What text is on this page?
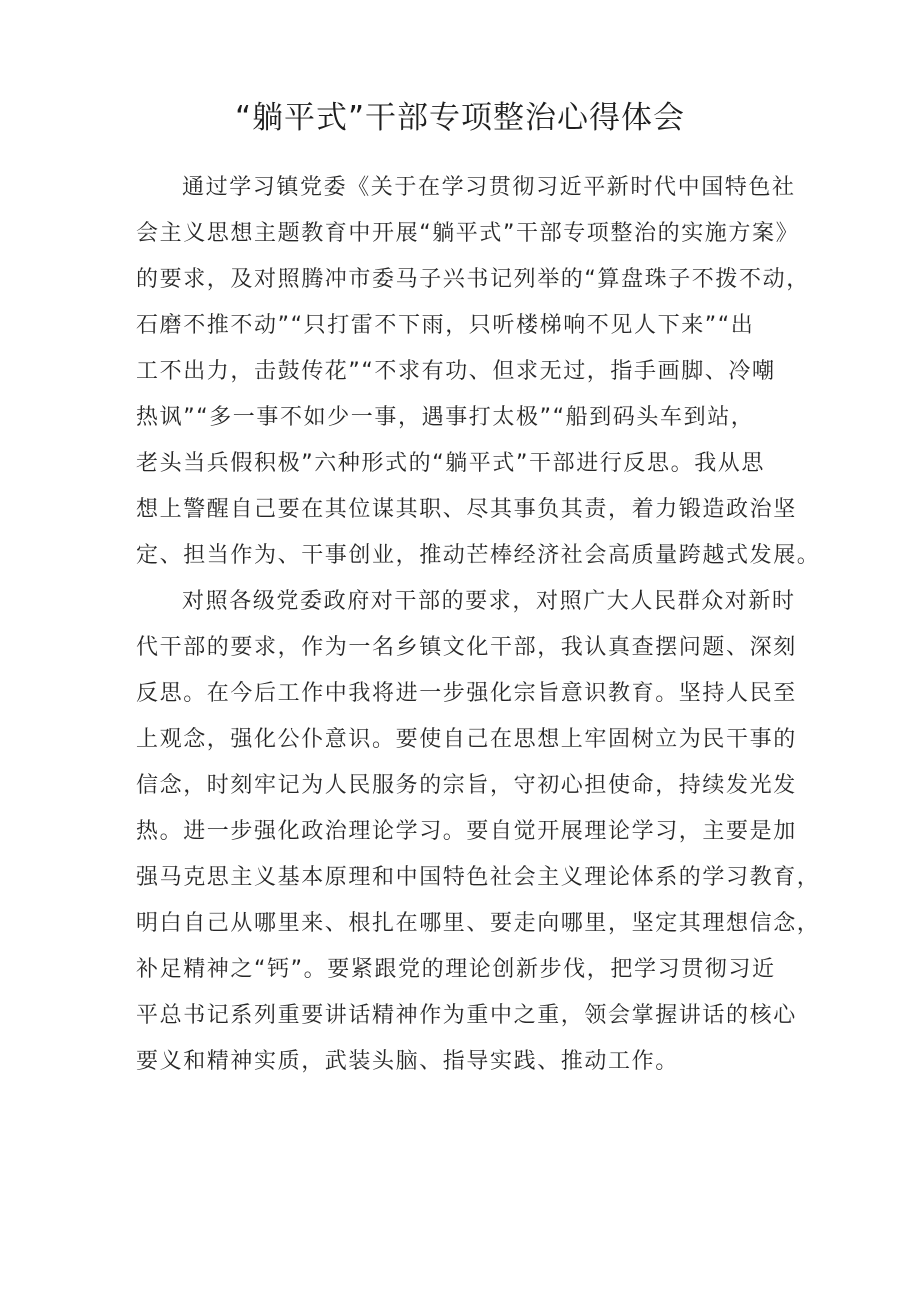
“躺平式”干部专项整治心得体会
通过学习镇党委《关于在学习贯彻习近平新时代中国特色社
会主义思想主题教育中开展“躺平式”干部专项整治的实施方案》
的要求，及对照腾冲市委马子兴书记列举的“算盘珠子不拨不动，
石磨不推不动”“只打雷不下雨，只听楼梯响不见人下来”“出
工不出力，击鼓传花”“不求有功、但求无过，指手画脚、冷嘲
热讽”“多一事不如少一事，遇事打太极”“船到码头车到站，
老头当兵假积极”六种形式的“躺平式”干部进行反思。我从思
想上警醒自己要在其位谋其职、尽其事负其责，着力锻造政治坚
定、担当作为、干事创业，推动芒棒经济社会高质量跨越式发展。
对照各级党委政府对干部的要求，对照广大人民群众对新时
代干部的要求，作为一名乡镇文化干部，我认真查摆问题、深刻
反思。在今后工作中我将进一步强化宗旨意识教育。坚持人民至
上观念，强化公仆意识。要使自己在思想上牢固树立为民干事的
信念，时刻牢记为人民服务的宗旨，守初心担使命，持续发光发
热。进一步强化政治理论学习。要自觉开展理论学习，主要是加
强马克思主义基本原理和中国特色社会主义理论体系的学习教育，
明白自己从哪里来、根扎在哪里、要走向哪里，坚定其理想信念，
补足精神之“钙”。要紧跟党的理论创新步伐，把学习贯彻习近
平总书记系列重要讲话精神作为重中之重，领会掌握讲话的核心
要义和精神实质，武装头脑、指导实践、推动工作。
